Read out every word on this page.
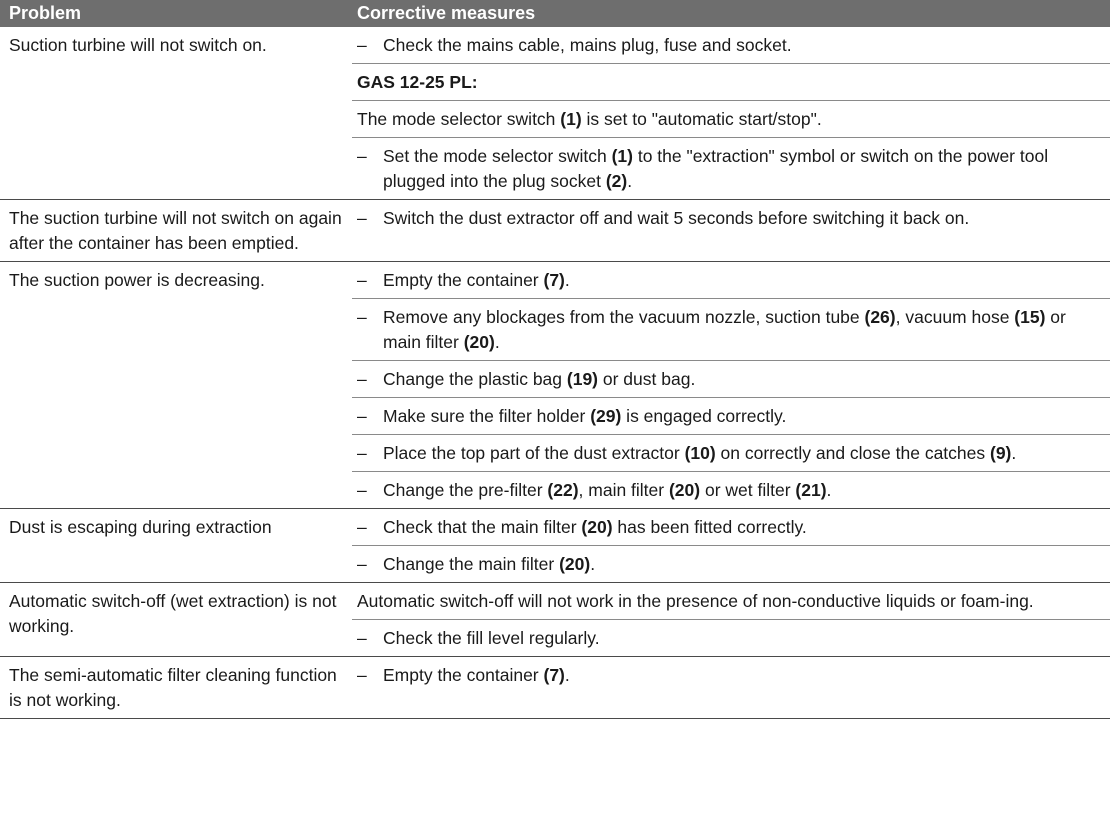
Problem	Corrective measures
Suction turbine will not switch on.	– Check the mains cable, mains plug, fuse and socket.

	GAS 12-25 PL:

	The mode selector switch (1) is set to "automatic start/stop".

	– Set the mode selector switch (1) to the "extraction" symbol or switch on the power tool plugged into the plug socket (2).

The suction turbine will not switch on again after the container has been emptied.	– Switch the dust extractor off and wait 5 seconds before switching it back on.

The suction power is decreasing.	– Empty the container (7).

	– Remove any blockages from the vacuum nozzle, suction tube (26), vacuum hose (15) or main filter (20).

	– Change the plastic bag (19) or dust bag.

	– Make sure the filter holder (29) is engaged correctly.

	– Place the top part of the dust extractor (10) on correctly and close the catches (9).

	– Change the pre-filter (22), main filter (20) or wet filter (21).

Dust is escaping during extraction	– Check that the main filter (20) has been fitted correctly.

	– Change the main filter (20).

Automatic switch-off (wet extraction) is not working.	Automatic switch-off will not work in the presence of non-conductive liquids or foam-ing.

	– Check the fill level regularly.

The semi-automatic filter cleaning function is not working.	– Empty the container (7).
